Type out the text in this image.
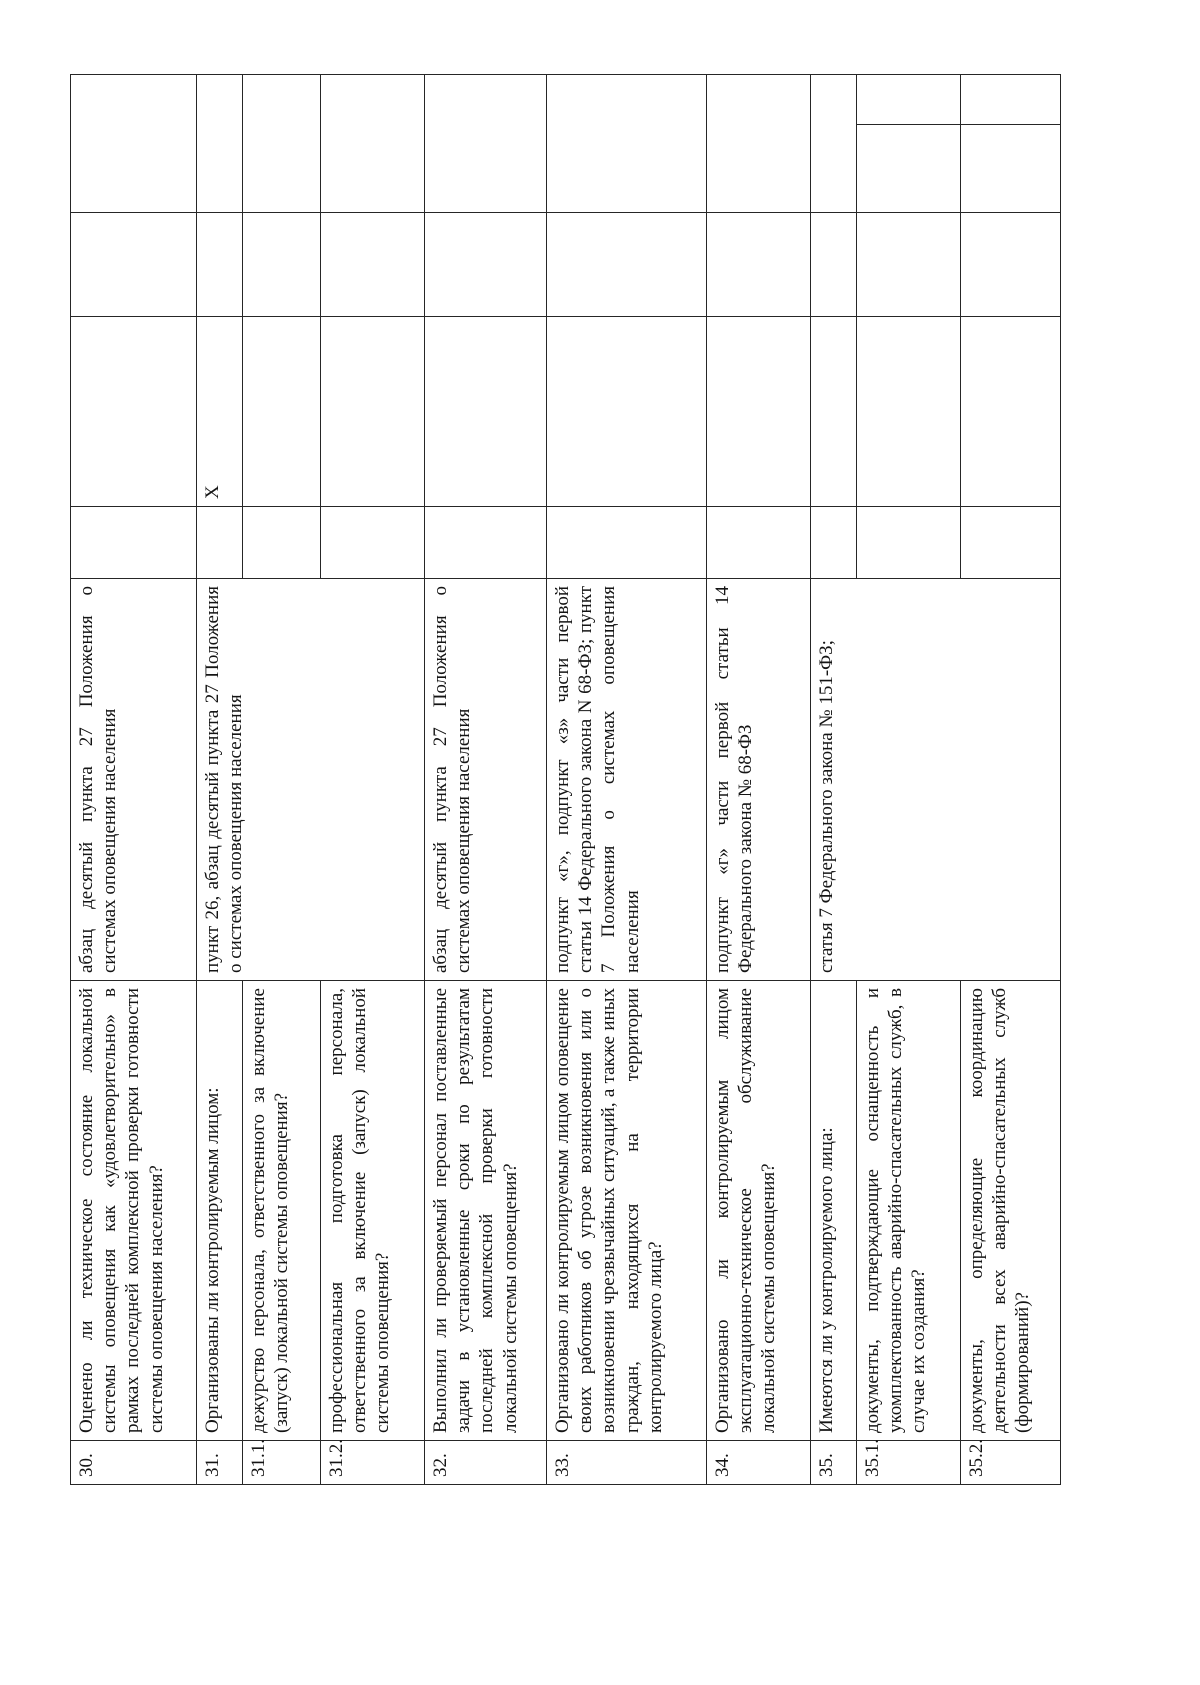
30.	Оценено ли техническое состояние локальной системы оповещения как «удовлетворительно» в рамках последней комплексной проверки готовности системы оповещения населения?	абзац десятый пункта 27 Положения о системах оповещения населения					
31.	Организованы ли контролируемым лицом:	пункт 26, абзац десятый пункта 27 Положения о системах оповещения населения		X			
31.1.	дежурство персонала, ответственного за включение (запуск) локальной системы оповещения?						
31.2.	профессиональная подготовка персонала, ответственного за включение (запуск) локальной системы оповещения?						
32.	Выполнил ли проверяемый персонал поставленные задачи в установленные сроки по результатам последней комплексной проверки готовности локальной системы оповещения?	абзац десятый пункта 27 Положения о системах оповещения населения					
33.	Организовано ли контролируемым лицом оповещение своих работников об угрозе возникновения или о возникновении чрезвычайных ситуаций, а также иных граждан, находящихся на территории контролируемого лица?	подпункт «г», подпункт «з» части первой статьи 14 Федерального закона N 68-ФЗ; пункт 7 Положения о системах оповещения населения					
34.	Организовано ли контролируемым лицом эксплуатационно-техническое обслуживание локальной системы оповещения?	подпункт «г» части первой статьи 14 Федерального закона № 68-ФЗ					
35.	Имеются ли у контролируемого лица:	статья 7 Федерального закона № 151-ФЗ;					
35.1.	документы, подтверждающие оснащенность и укомплектованность аварийно-спасательных служб, в случае их создания?						
35.2.	документы, определяющие координацию деятельности всех аварийно-спасательных служб (формирований)?						
